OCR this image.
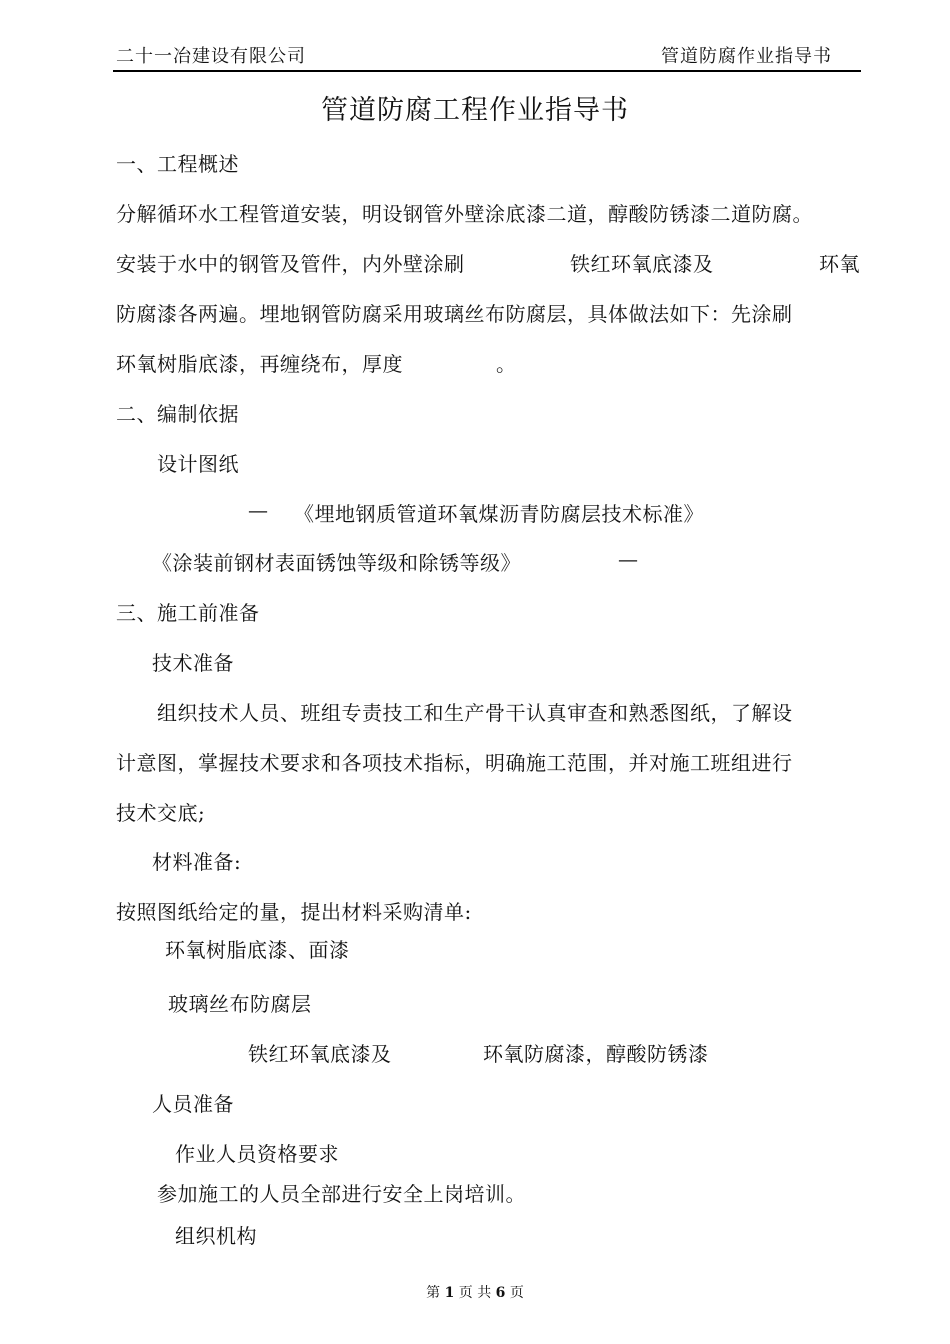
二十一冶建设有限公司	管道防腐作业指导书
管道防腐工程作业指导书
一、工程概述
分解循环水工程管道安装，明设钢管外壁涂底漆二道，醇酸防锈漆二道防腐。
安装于水中的钢管及管件，内外壁涂刷	铁红环氧底漆及	环氧
防腐漆各两遍。埋地钢管防腐采用玻璃丝布防腐层，具体做法如下：先涂刷
环氧树脂底漆，再缠绕布，厚度	。
二、编制依据
设计图纸
— 《埋地钢质管道环氧煤沥青防腐层技术标准》
《涂装前钢材表面锈蚀等级和除锈等级》	—
三、施工前准备
技术准备
组织技术人员、班组专责技工和生产骨干认真审查和熟悉图纸，了解设
计意图，掌握技术要求和各项技术指标，明确施工范围，并对施工班组进行
技术交底;
材料准备:
按照图纸给定的量，提出材料采购清单:
环氧树脂底漆、面漆
玻璃丝布防腐层
铁红环氧底漆及	环氧防腐漆，醇酸防锈漆
人员准备
作业人员资格要求
参加施工的人员全部进行安全上岗培训。
组织机构
第 1 页 共 6 页
